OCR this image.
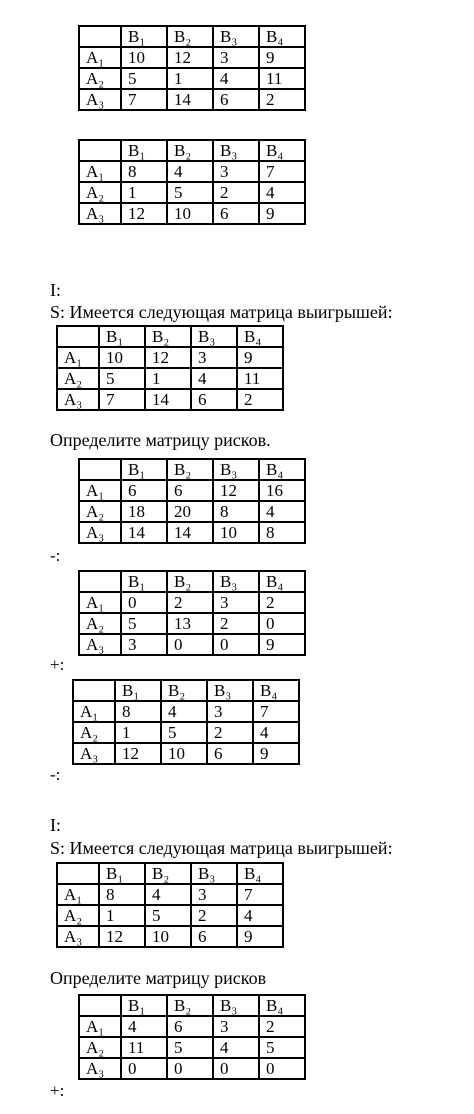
	B₁	B₂	B₃	B₄
A₁	10	12	3	9
A₂	5	1	4	11
A₃	7	14	6	2
	B₁	B₂	B₃	B₄
A₁	8	4	3	7
A₂	1	5	2	4
A₃	12	10	6	9
I:
S: Имеется следующая матрица выигрышей:
	B₁	B₂	B₃	B₄
A₁	10	12	3	9
A₂	5	1	4	11
A₃	7	14	6	2
Определите матрицу рисков.
	B₁	B₂	B₃	B₄
A₁	6	6	12	16
A₂	18	20	8	4
A₃	14	14	10	8
-:
	B₁	B₂	B₃	B₄
A₁	0	2	3	2
A₂	5	13	2	0
A₃	3	0	0	9
+:
	B₁	B₂	B₃	B₄
A₁	8	4	3	7
A₂	1	5	2	4
A₃	12	10	6	9
-:
I:
S: Имеется следующая матрица выигрышей:
	B₁	B₂	B₃	B₄
A₁	8	4	3	7
A₂	1	5	2	4
A₃	12	10	6	9
Определите матрицу рисков
	B₁	B₂	B₃	B₄
A₁	4	6	3	2
A₂	11	5	4	5
A₃	0	0	0	0
+:
